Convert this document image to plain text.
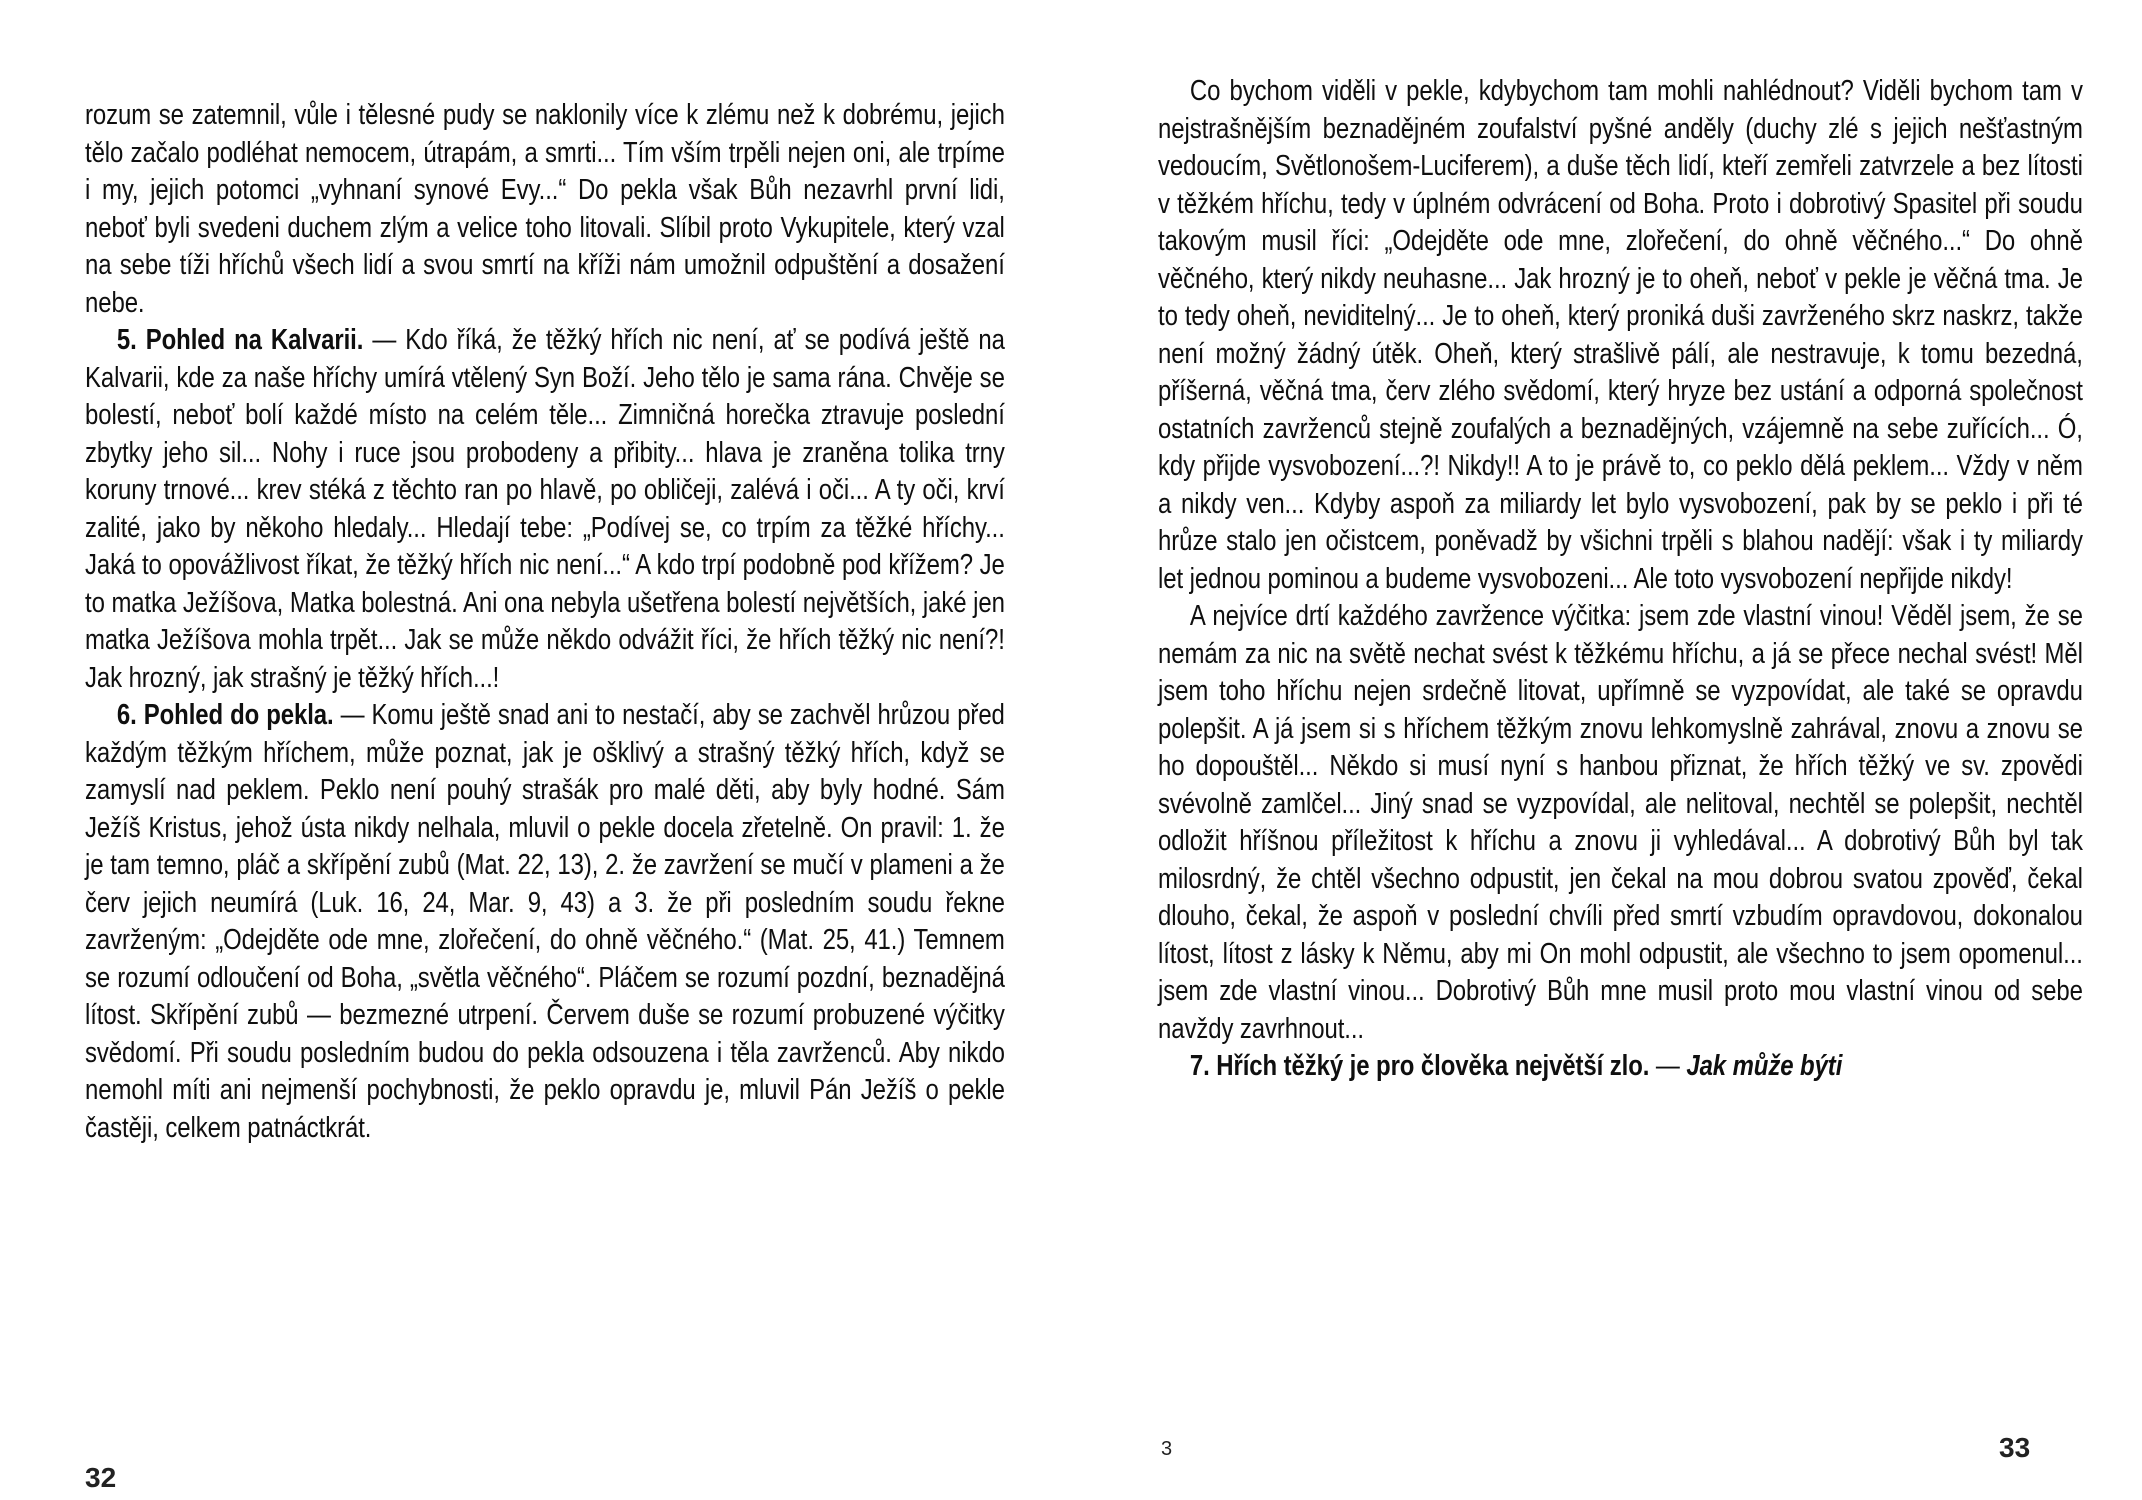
rozum se zatemnil, vůle i tělesné pudy se naklonily více k zlému než k dobrému, jejich tělo začalo podléhat nemocem, útrapám, a smrti... Tím vším trpěli nejen oni, ale trpíme i my, jejich potomci „vyhnaní synové Evy...“ Do pekla však Bůh nezavrhl první lidi, neboť byli svedeni duchem zlým a velice toho litovali. Slíbil proto Vykupitele, který vzal na sebe tíži hříchů všech lidí a svou smrtí na kříži nám umožnil odpuštění a dosažení nebe.

5. Pohled na Kalvarii. — Kdo říká, že těžký hřích nic není, ať se podívá ještě na Kalvarii, kde za naše hříchy umírá vtělený Syn Boží. Jeho tělo je sama rána. Chvěje se bolestí, neboť bolí každé místo na celém těle... Zimničná horečka ztravuje poslední zbytky jeho sil... Nohy i ruce jsou probodeny a přibity... hlava je zraněna tolika trny koruny trnové... krev stéká z těchto ran po hlavě, po obličeji, zalévá i oči... A ty oči, krví zalité, jako by někoho hledaly... Hledají tebe: „Podívej se, co trpím za těžké hříchy... Jaká to opovážlivost říkat, že těžký hřích nic není...“ A kdo trpí podobně pod křížem? Je to matka Ježíšova, Matka bolestná. Ani ona nebyla ušetřena bolestí největších, jaké jen matka Ježíšova mohla trpět... Jak se může někdo odvážit říci, že hřích těžký nic není?! Jak hrozný, jak strašný je těžký hřích...!

6. Pohled do pekla. — Komu ještě snad ani to nestačí, aby se zachvěl hrůzou před každým těžkým hříchem, může poznat, jak je ošklivý a strašný těžký hřích, když se zamyslí nad peklem. Peklo není pouhý strašák pro malé děti, aby byly hodné. Sám Ježíš Kristus, jehož ústa nikdy nelhala, mluvil o pekle docela zřetelně. On pravil: 1. že je tam temno, pláč a skřípění zubů (Mat. 22, 13), 2. že zavržení se mučí v plameni a že červ jejich neumírá (Luk. 16, 24, Mar. 9, 43) a 3. že při posledním soudu řekne zavrženým: „Odejděte ode mne, zlořečení, do ohně věčného.“ (Mat. 25, 41.) Temnem se rozumí odloučení od Boha, „světla věčného“. Pláčem se rozumí pozdní, beznadějná lítost. Skřípění zubů — bezmezné utrpení. Červem duše se rozumí probuzené výčitky svědomí. Při soudu posledním budou do pekla odsouzena i těla zavrženců. Aby nikdo nemohl míti ani nejmenší pochybnosti, že peklo opravdu je, mluvil Pán Ježíš o pekle častěji, celkem patnáctkrát.

32

Co bychom viděli v pekle, kdybychom tam mohli nahlédnout? Viděli bychom tam v nejstrašnějším beznadějném zoufalství pyšné anděly (duchy zlé s jejich nešťastným vedoucím, Světlonošem-Luciferem), a duše těch lidí, kteří zemřeli zatvrzele a bez lítosti v těžkém hříchu, tedy v úplném odvrácení od Boha. Proto i dobrotivý Spasitel při soudu takovým musil říci: „Odejděte ode mne, zlořečení, do ohně věčného...“ Do ohně věčného, který nikdy neuhasne... Jak hrozný je to oheň, neboť v pekle je věčná tma. Je to tedy oheň, neviditelný... Je to oheň, který proniká duši zavrženého skrz naskrz, takže není možný žádný útěk. Oheň, který strašlivě pálí, ale nestravuje, k tomu bezedná, příšerná, věčná tma, červ zlého svědomí, který hryze bez ustání a odporná společnost ostatních zavrženců stejně zoufalých a beznadějných, vzájemně na sebe zuřících... Ó, kdy přijde vysvobození...?! Nikdy!! A to je právě to, co peklo dělá peklem... Vždy v něm a nikdy ven... Kdyby aspoň za miliardy let bylo vysvobození, pak by se peklo i při té hrůze stalo jen očistcem, poněvadž by všichni trpěli s blahou nadějí: však i ty miliardy let jednou pominou a budeme vysvobozeni... Ale toto vysvobození nepřijde nikdy!

A nejvíce drtí každého zavržence výčitka: jsem zde vlastní vinou! Věděl jsem, že se nemám za nic na světě nechat svést k těžkému hříchu, a já se přece nechal svést! Měl jsem toho hříchu nejen srdečně litovat, upřímně se vyzpovídat, ale také se opravdu polepšit. A já jsem si s hříchem těžkým znovu lehkomyslně zahrával, znovu a znovu se ho dopouštěl... Někdo si musí nyní s hanbou přiznat, že hřích těžký ve sv. zpovědi svévolně zamlčel... Jiný snad se vyzpovídal, ale nelitoval, nechtěl se polepšit, nechtěl odložit hříšnou příležitost k hříchu a znovu ji vyhledával... A dobrotivý Bůh byl tak milosrdný, že chtěl všechno odpustit, jen čekal na mou dobrou svatou zpověď, čekal dlouho, čekal, že aspoň v poslední chvíli před smrtí vzbudím opravdovou, dokonalou lítost, lítost z lásky k Němu, aby mi On mohl odpustit, ale všechno to jsem opomenul... jsem zde vlastní vinou... Dobrotivý Bůh mne musil proto mou vlastní vinou od sebe navždy zavrhnout...

7. Hřích těžký je pro člověka největší zlo. — Jak může býti

3	33
